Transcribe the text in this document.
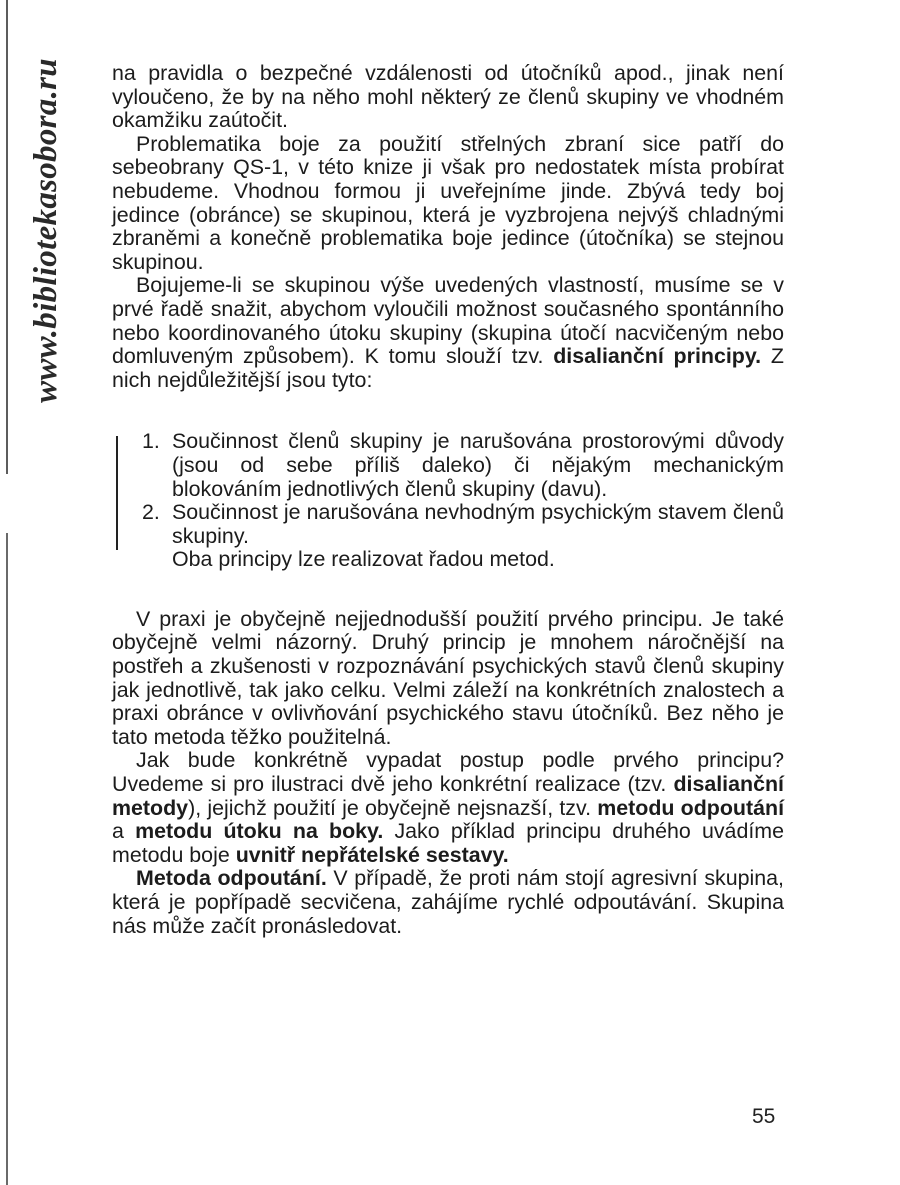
www.bibliotekasobora.ru na pravidla o bezpečné vzdálenosti od útočníků apod., jinak není vyloučeno, že by na něho mohl některý ze členů skupiny ve vhodném okamžiku zaútočit.

Problematika boje za použití střelných zbraní sice patří do sebeobrany QS-1, v této knize ji však pro nedostatek místa probírat nebudeme. Vhodnou formou ji uveřejníme jinde. Zbývá tedy boj jedince (obránce) se skupinou, která je vyzbrojena nejvýš chladnými zbraněmi a konečně problematika boje jedince (útočníka) se stejnou skupinou.

Bojujeme-li se skupinou výše uvedených vlastností, musíme se v prvé řadě snažit, abychom vyloučili možnost současného spontánního nebo koordinovaného útoku skupiny (skupina útočí nacvičeným nebo domluveným způsobem). K tomu slouží tzv. disalianční principy. Z nich nejdůležitější jsou tyto:

1. Součinnost členů skupiny je narušována prostorovými důvody (jsou od sebe příliš daleko) či nějakým mechanickým blokováním jednotlivých členů skupiny (davu).
2. Součinnost je narušována nevhodným psychickým stavem členů skupiny.
Oba principy lze realizovat řadou metod.

V praxi je obyčejně nejjednodušší použití prvého principu. Je také obyčejně velmi názorný. Druhý princip je mnohem náročnější na postřeh a zkušenosti v rozpoznávání psychických stavů členů skupiny jak jednotlivě, tak jako celku. Velmi záleží na konkrétních znalostech a praxi obránce v ovlivňování psychického stavu útočníků. Bez něho je tato metoda těžko použitelná.

Jak bude konkrétně vypadat postup podle prvého principu? Uvedeme si pro ilustraci dvě jeho konkrétní realizace (tzv. disalianční metody), jejichž použití je obyčejně nejsnazší, tzv. metodu odpoutání a metodu útoku na boky. Jako příklad principu druhého uvádíme metodu boje uvnitř nepřátelské sestavy.

Metoda odpoutání. V případě, že proti nám stojí agresivní skupina, která je popřípadě secvičena, zahájíme rychlé odpoutávání. Skupina nás může začít pronásledovat.

55
